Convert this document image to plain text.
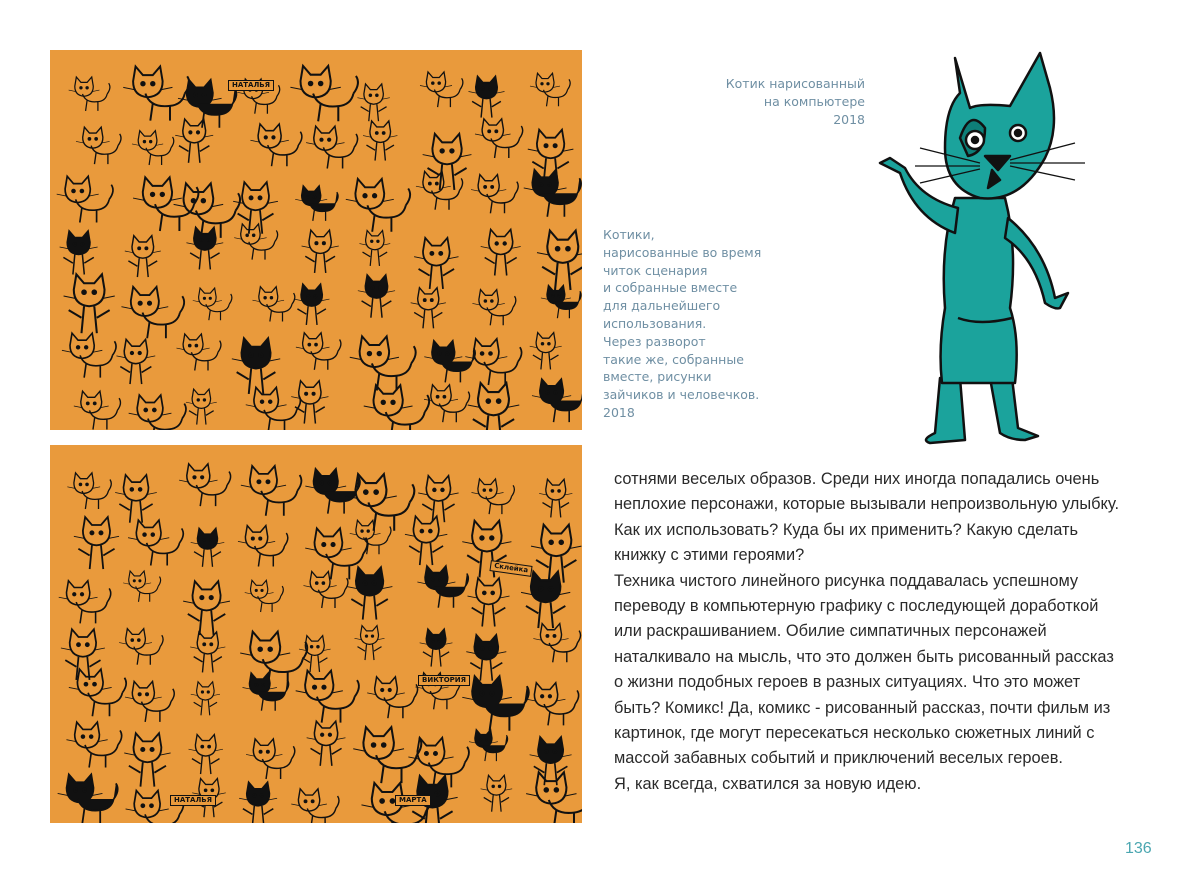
НАТАЛЬЯ
Склейка
ВИКТОРИЯ
НАТАЛЬЯ	МАРТА
Котик нарисованный
на компьютере
2018
Котики,
нарисованные во время
читок сценария
и собранные вместе
для дальнейшего
использования.
Через разворот
такие же, собранные
вместе, рисунки
зайчиков и человечков.
2018
сотнями веселых образов. Среди них иногда попадались очень
неплохие персонажи, которые вызывали непроизвольную улыбку.
Как их использовать? Куда бы их применить? Какую сделать
книжку с этими героями?
Техника чистого линейного рисунка поддавалась успешному
переводу в компьютерную графику с последующей доработкой
или раскрашиванием. Обилие симпатичных персонажей
наталкивало на мысль, что это должен быть рисованный рассказ
о жизни подобных героев в разных ситуациях. Что это может
быть? Комикс! Да, комикс - рисованный рассказ, почти фильм из
картинок, где могут пересекаться несколько сюжетных линий с
массой забавных событий и приключений веселых героев.
Я, как всегда, схватился за новую идею.
136
